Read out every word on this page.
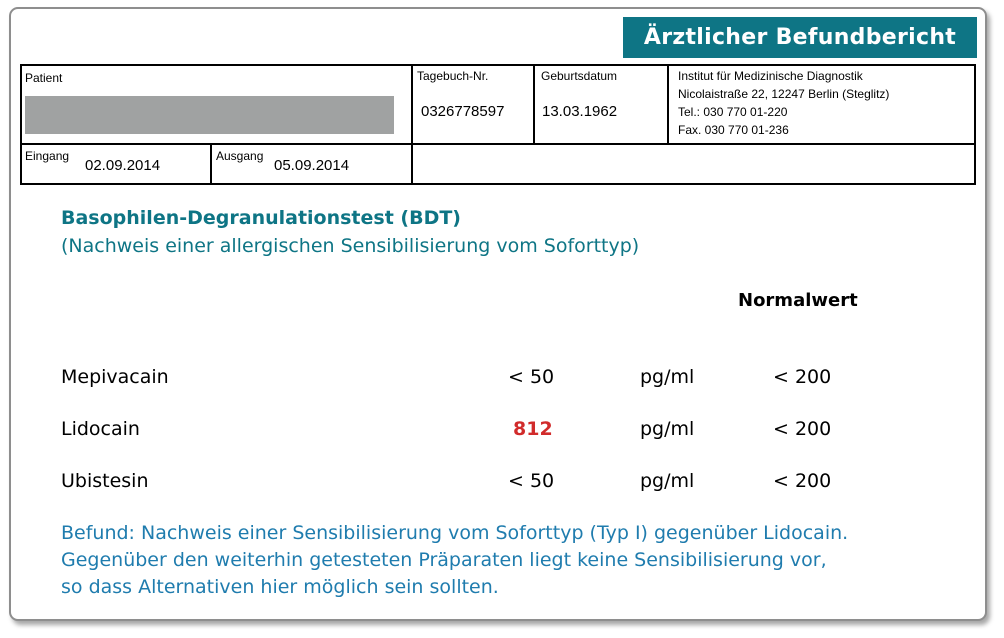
Ärztlicher Befundbericht
Patient	Tagebuch-Nr.
0326778597
Geburtsdatum
13.03.1962
Institut für Medizinische Diagnostik
Nicolaistraße 22, 12247 Berlin (Steglitz)
Tel.: 030 770 01-220
Fax. 030 770 01-236
Eingang
02.09.2014
Ausgang
05.09.2014
Basophilen-Degranulationstest (BDT)
(Nachweis einer allergischen Sensibilisierung vom Soforttyp)
Normalwert
Mepivacain	< 50	pg/ml	< 200
Lidocain	812	pg/ml	< 200
Ubistesin	< 50	pg/ml	< 200
Befund: Nachweis einer Sensibilisierung vom Soforttyp (Typ I) gegenüber Lidocain.
Gegenüber den weiterhin getesteten Präparaten liegt keine Sensibilisierung vor,
so dass Alternativen hier möglich sein sollten.
